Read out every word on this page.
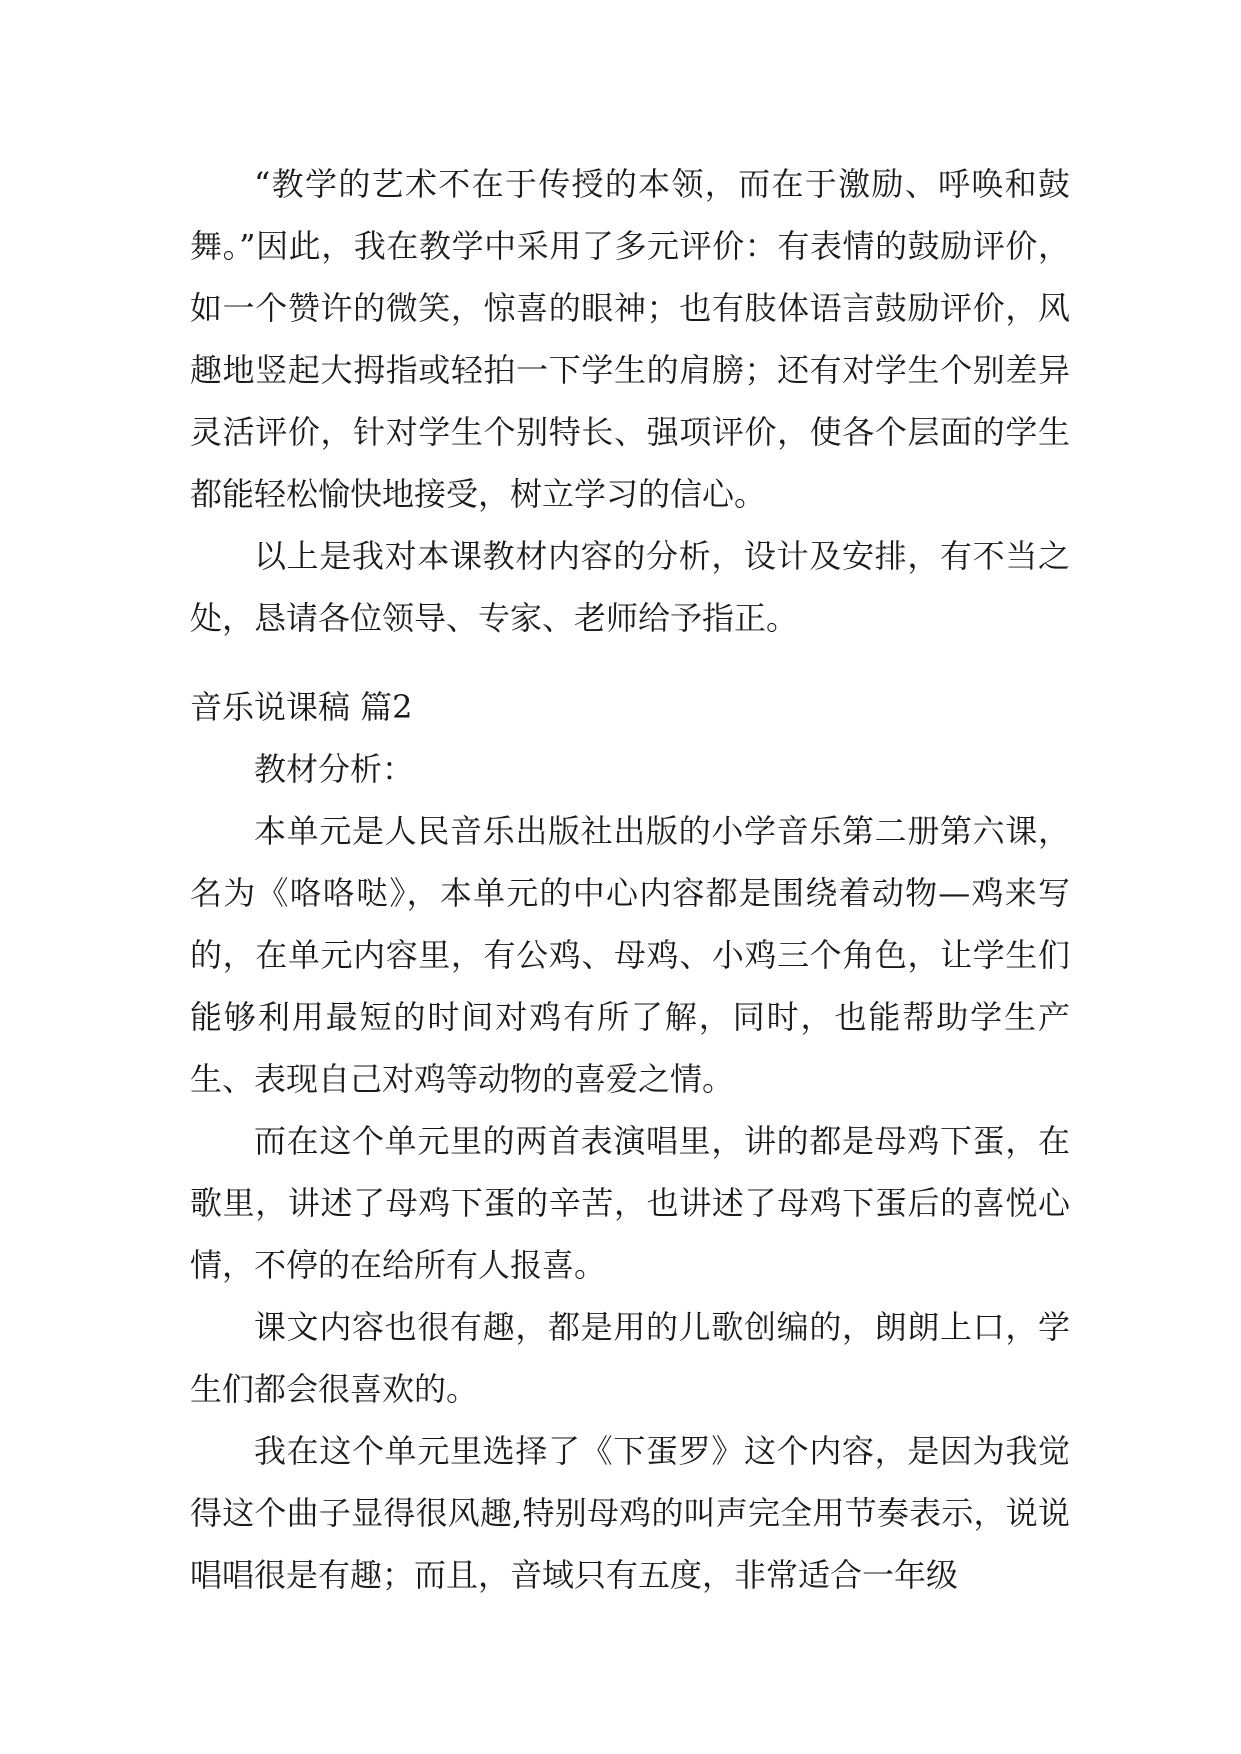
“教学的艺术不在于传授的本领，而在于激励、呼唤和鼓舞。”因此，我在教学中采用了多元评价：有表情的鼓励评价，如一个赞许的微笑，惊喜的眼神；也有肢体语言鼓励评价，风趣地竖起大拇指或轻拍一下学生的肩膀；还有对学生个别差异灵活评价，针对学生个别特长、强项评价，使各个层面的学生都能轻松愉快地接受，树立学习的信心。

以上是我对本课教材内容的分析，设计及安排，有不当之处，恳请各位领导、专家、老师给予指正。

音乐说课稿 篇2

教材分析：

本单元是人民音乐出版社出版的小学音乐第二册第六课，名为《咯咯哒》，本单元的中心内容都是围绕着动物—鸡来写的，在单元内容里，有公鸡、母鸡、小鸡三个角色，让学生们能够利用最短的时间对鸡有所了解，同时，也能帮助学生产生、表现自己对鸡等动物的喜爱之情。

而在这个单元里的两首表演唱里，讲的都是母鸡下蛋，在歌里，讲述了母鸡下蛋的辛苦，也讲述了母鸡下蛋后的喜悦心情，不停的在给所有人报喜。

课文内容也很有趣，都是用的儿歌创编的，朗朗上口，学生们都会很喜欢的。

我在这个单元里选择了《下蛋罗》这个内容，是因为我觉得这个曲子显得很风趣,特别母鸡的叫声完全用节奏表示，说说唱唱很是有趣；而且，音域只有五度，非常适合一年级
